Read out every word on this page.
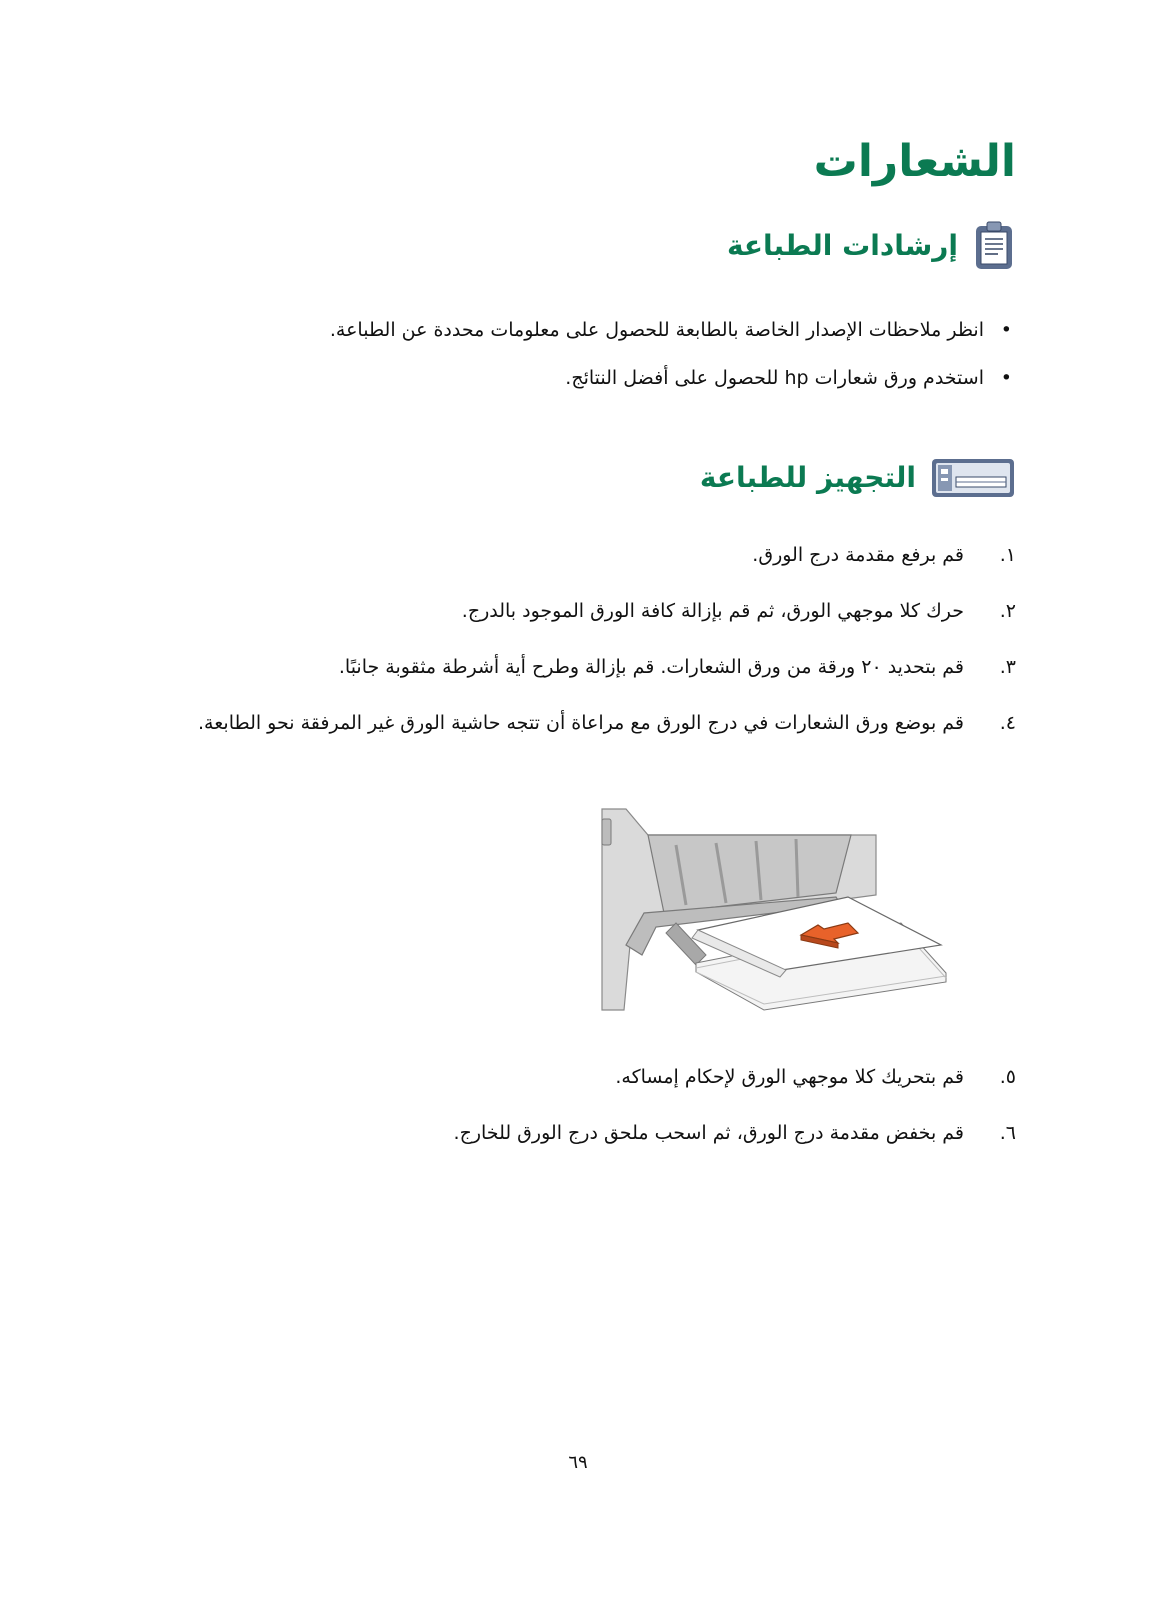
الشعارات
إرشادات الطباعة
•
انظر ملاحظات الإصدار الخاصة بالطابعة للحصول على معلومات محددة عن الطباعة.
•
استخدم ورق شعارات hp للحصول على أفضل النتائج.
التجهيز للطباعة
١.
قم برفع مقدمة درج الورق.
٢.
حرك كلا موجهي الورق، ثم قم بإزالة كافة الورق الموجود بالدرج.
٣.
قم بتحديد ٢٠ ورقة من ورق الشعارات. قم بإزالة وطرح أية أشرطة مثقوبة جانبًا.
٤.
قم بوضع ورق الشعارات في درج الورق مع مراعاة أن تتجه حاشية الورق غير المرفقة نحو الطابعة.
٥.
قم بتحريك كلا موجهي الورق لإحكام إمساكه.
٦.
قم بخفض مقدمة درج الورق، ثم اسحب ملحق درج الورق للخارج.
٦٩
